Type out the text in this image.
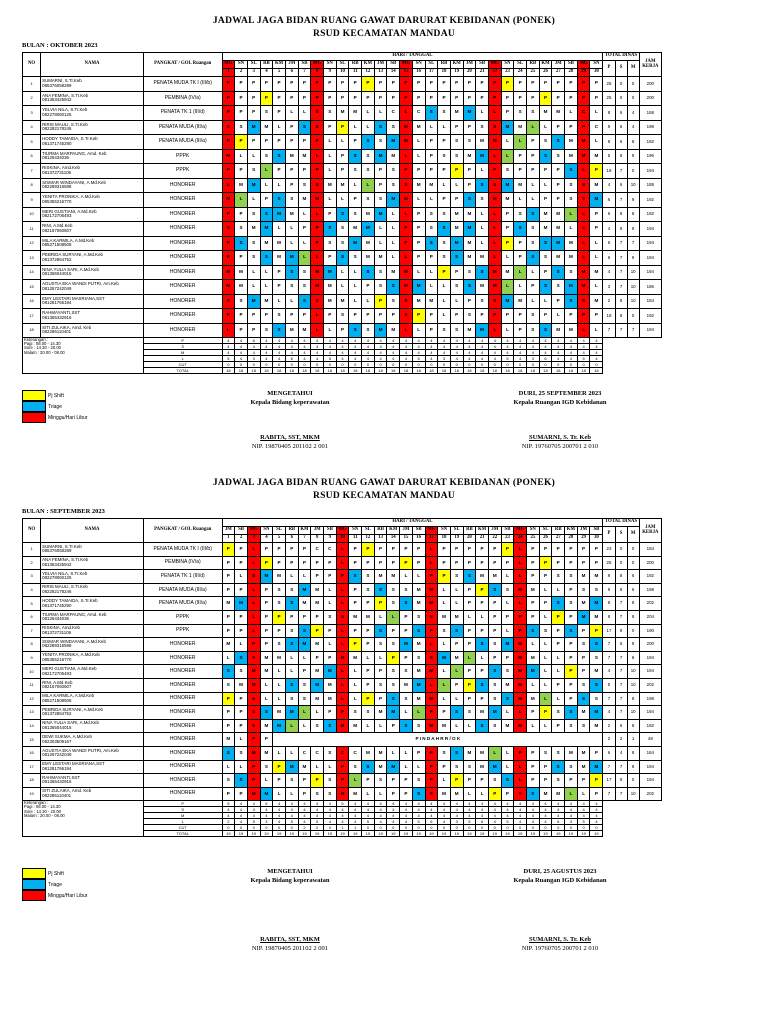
JADWAL JAGA BIDAN RUANG GAWAT DARURAT KEBIDANAN (PONEK)
RSUD KECAMATAN MANDAU
BULAN : OKTOBER 2023
NO	NAMA	PANGKAT / GOL Ruangan	HARI / TANGGAL																														TOTAL DINAS			JAM KERJA
			MG	SN	SL	RB	KM	JM	SB	MG	SN	SL	RB	KM	JM	SB	MG	SN	SL	RB	KM	JM	SB	MG	SN	SL	RB	KM	JM	SB	MG	SN	P	S	M	
			1	2	3	4	5	6	7	8	9	10	11	12	13	14	15	16	17	18	19	20	21	22	23	24	25	26	27	28	29	30				
1	SUMARNI, S.Tr.Keb
085376058289	PENATA MUDA TK I (III/b)	P	P	P	P	P	P	P	P	P	P	P	P	P	P	P	P	P	P	P	P	P	P	P	P	P	P	P	P	P	P	25	0	0	200
2	ANA FEMINA, S.Tr.Keb
081363425942	PEMBINA (IV/a)	P	P	P	P	P	P	P	P	P	P	P	P	P	P	P	P	P	P	P	P	P	P	P	P	P	P	P	P	P	P	25	0	0	200
3	YELVIA NILA, S.Tr.Keb
082278060125	PENATA TK 1 (III/d)	P	P	P	S	P	L	L	S	S	M	M	L	L	C	L	C	S	S	M	M	L	L	P	S	S	M	M	L	C	L	8	6	4	168
4	RIRIS MAULI, S.Tr.Keb
082282178246	PENATA MUDA (III/a)	S	S	M	M	L	P	S	S	P	P	L	L	S	S	M	M	L	L	P	P	S	S	M	M	L	L	P	P	P	C	9	6	4	198
5	HODDY TAMAIDA, S.Tr.Keb
081371745290	PENATA MUDA (III/a)	P	P	P	P	P	P	P	P	L	L	P	S	S	M	M	L	P	P	S	S	M	M	L	L	P	S	S	M	M	L	8	6	8	192
6	TIURMA MARPAUNG, Amd. Keb
08126434036	PPPK	M	L	L	S	S	M	M	L	L	P	S	S	M	M	L	L	P	S	S	M	M	L	L	P	P	S	S	M	M	M	5	8	9	196
7	RISKINA, Amd.Keb
081372731106	PPPK	P	P	S	L	P	P	P	P	L	P	S	S	P	S	P	P	P	P	P	P	L	P	S	P	P	P	P	S	L	P	19	7	0	194
8	SISMAR WINDAYANI, A.Md.Keb
082289316598	HONORER	L	M	M	L	L	P	S	S	M	M	L	L	P	S	S	M	M	L	L	P	S	S	M	M	L	L	P	S	S	M	4	6	10	188
9	YENITA PRONIKA, A.Md.Keb
085355216770	HONORER	M	L	L	P	S	S	M	M	L	L	P	S	S	M	M	L	L	P	P	S	S	M	M	L	L	P	P	S	S	M	6	7	9	192
10	MERI GUSTIANI, A.Md.Keb
082172706493	HONORER	P	P	S	S	M	M	L	L	P	S	S	M	M	L	L	P	S	S	M	M	L	L	P	S	S	M	M	L	L	P	6	8	8	192
11	RINI, A.Md.Keb
082167060607	HONORER	S	S	M	M	L	L	P	P	S	S	M	M	L	L	P	P	S	S	M	M	L	L	P	S	S	M	M	L	L	P	4	9	9	194
12	MILA KARMILA, A.Md.Keb
085271508508	HONORER	P	S	S	M	M	L	L	P	S	S	M	M	L	L	P	P	S	S	M	M	L	L	P	P	S	S	M	M	L	L	6	7	7	194
13	PEBRIDA SURYANI, A.Md.Keb
081372864752	HONORER	P	P	S	S	M	M	L	L	P	S	S	M	M	L	L	P	P	S	S	M	M	L	L	P	S	S	M	M	L	L	6	7	9	194
14	NINA YULIA SARI, A.Md.Keb
081365044015	HONORER	M	M	L	L	P	S	S	M	M	L	L	S	S	M	M	L	L	P	P	S	S	M	M	L	L	P	S	S	M	M	4	7	10	194
15	AGUSTIA EKA WANDI PUTRI, Am.Keb
081267242049	HONORER	M	M	L	L	P	S	S	M	M	L	L	P	S	S	M	M	L	L	S	S	M	M	L	L	P	S	S	M	M	L	3	7	10	186
16	EMY LESTARI MASRIANA,SST
081281766194	HONORER	S	S	M	M	L	L	S	S	M	M	L	L	P	S	S	M	M	L	L	P	S	S	M	M	L	L	P	S	S	M	2	8	10	184
17	RAHMAYANTI,SST
081365432916	HONORER	P	P	P	P	S	P	P	L	P	S	P	P	P	P	S	P	P	L	P	S	P	P	P	P	S	P	L	P	P	P	18	8	0	192
18	SITI ZULAIKA, Amd. Keb
082286110401	HONORER	L	P	P	S	S	M	M	L	L	P	S	S	M	M	L	L	P	S	S	M	M	L	L	P	S	S	M	M	L	L	7	7	7	194

Keterangan :
Pagi : 08.00 - 14.30
Sore : 14.30 - 20.00
Malam : 20.00 - 08.00		P	4	4	6	4	4	4	4	4	4	4	4	4	4	4	4	4	4	4	4	4	4	4	4	4	4	4	4	4	4	4				
		S	4	4	4	4	4	4	4	4	4	4	4	4	4	4	4	4	4	4	4	4	4	4	4	4	4	4	4	4	4	4				
		M	4	4	4	4	4	4	4	4	4	4	4	4	4	4	4	4	4	4	4	4	4	4	4	4	4	4	4	4	4	4				
		L	5	4	3	4	4	6	4	4	5	4	4	4	4	4	4	5	4	3	4	4	4	4	5	4	3	6	4	4	5	4				
		CUT	0	0	0	0	0	0	0	0	0	0	0	0	0	0	0	0	0	0	0	0	0	0	0	0	0	0	0	0	0	0				
		TOTAL	18	18	18	18	18	18	18	18	18	18	18	18	18	18	18	18	18	18	18	18	18	18	18	18	18	18	18	18	18	18				
Pj Shift
Triage
Minggu/Hari Libur
MENGETAHUI
Kepala Bidang keperawatan
RABITA, SST, MKM
NIP. 19870405 201102 2 001
DURI, 25 SEPTEMBER 2023
Kepala Ruangan IGD Kebidanan
SUMARNI, S. Tr. Keb
NIP. 19760705 200701 2 010
JADWAL JAGA BIDAN RUANG GAWAT DARURAT KEBIDANAN (PONEK)
RSUD KECAMATAN MANDAU
BULAN : SEPTEMBER 2023
NO	NAMA	PANGKAT / GOL Ruangan	HARI / TANGGAL																														TOTAL DINAS			JAM KERJA
			JM	SB	MG	SN	SL	RB	KM	JM	SB	MG	SN	SL	RB	KM	JM	SB	MG	SN	SL	RB	KM	JM	SB	MG	SN	SL	RB	KM	JM	SB	P	S	M	
			1	2	3	4	5	6	7	8	9	10	11	12	13	14	15	16	17	18	19	20	21	22	23	24	25	26	27	28	29	30				
1	SUMARNI, S.Tr.Keb
085376058289	PENATA MUDA TK I (III/b)	P	P	L	P	P	P	P	C	C	L	P	P	P	P	P	P	L	P	P	P	P	P	P	L	P	P	P	P	P	P	23	0	0	184
2	ANA FEMINA, S.Tr.Keb
081363425942	PEMBINA (IV/a)	P	P	L	P	P	P	P	P	P	L	P	P	P	P	P	P	L	P	P	P	P	P	P	L	P	P	P	P	P	P	25	0	0	200
3	YELVIA NILA, S.Tr.Keb
082278060125	PENATA TK 1 (III/d)	P	L	S	M	M	L	L	P	P	P	S	S	M	M	L	L	P	P	S	S	M	M	L	L	P	P	S	S	M	M	9	8	6	192
4	RIRIS MAULI, S.Tr.Keb
082282178246	PENATA MUDA (III/a)	P	P	L	P	S	S	M	M	L	L	P	S	S	S	S	M	M	L	L	P	P	S	S	M	M	L	L	P	S	S	9	8	6	198
5	HODDY TAMAIDA, S.Tr.Keb
081371745290	PENATA MUDA (III/a)	M	M	L	P	S	S	M	M	L	L	P	P	P	S	S	M	M	L	L	P	P	P	L	L	P	P	S	S	M	M	8	7	8	202
6	TIURMA MARPAUNG, Amd. Keb
08126434036	PPPK	P	P	L	P	P	P	P	P	S	S	M	M	L	L	P	S	S	M	M	L	L	P	P	P	P	L	P	P	M	M	8	7	9	204
7	RISKINA, Amd.Keb
081372731106	PPPK	P	P	L	P	P	S	S	P	P	L	P	P	S	P	P	S	P	S	S	P	P	P	L	P	S	S	P	S	P	P	17	9	0	190
8	SISMAR WINDAYANI, A.Md.Keb
082289316598	HONORER	M	L	P	P	S	S	M	M	L	L	P	P	S	S	M	M	L	L	P	P	S	S	M	M	L	L	P	P	S	S	7	6	9	200
9	YENITA PRONIKA, A.Md.Keb
085355216770	HONORER	L	S	S	M	M	L	L	P	P	M	M	L	L	P	P	S	S	M	M	L	L	P	P	M	M	L	L	P	P	S	7	7	8	194
10	MERI GUSTIANI, A.Md.Keb
082172706493	HONORER	S	S	M	M	L	L	P	M	M	L	L	P	P	S	S	M	M	L	L	P	P	S	S	M	M	L	L	P	P	M	4	7	10	194
11	RINI, A.Md.Keb
082167060607	HONORER	S	M	M	L	L	S	S	M	M	L	L	P	S	S	M	M	L	L	P	P	S	S	M	M	L	L	P	P	S	S	5	7	10	202
12	MILA KARMILA, A.Md.Keb
085271508508	HONORER	P	P	S	L	L	S	S	M	M	L	L	P	P	S	S	M	M	L	L	P	P	S	S	M	M	L	L	P	S	S	7	7	8	198
13	PEBRIDA SURYANI, A.Md.Keb
081372864752	HONORER	P	P	S	S	M	M	L	L	P	P	S	S	M	M	L	L	P	P	S	S	M	M	L	L	P	P	S	S	M	M	4	7	10	194
14	NINA YULIA SARI, A.Md.Keb
081365044015	HONORER	P	P	S	M	M	L	L	S	S	M	M	L	L	P	S	S	M	M	L	L	S	S	M	M	L	L	P	S	S	M	2	6	8	192
15	DEWI SUKMA, A.Md.Keb
082303509167	HONORER	M	L	P	P	P I N D A H R R / O K																										2	2	1	48
16	AGUSTIA EKA WANDI PUTRI, Am.Keb
081267242049	HONORER	S	S	M	M	L	L	C	C	S	C	C	M	M	L	L	P	P	S	S	M	M	L	L	P	P	S	S	M	M	P	6	4	8	164
17	EMY LESTARI MASRIANA,SST
081281766194	HONORER	L	L	P	S	P	M	M	L	L	P	S	S	M	M	L	L	P	P	S	S	M	M	L	L	P	P	S	S	M	M	7	7	8	194
18	RAHMAYANTI,SST
081365432916	HONORER	S	S	P	L	P	S	P	P	S	P	L	P	S	P	P	S	P	L	P	P	P	S	S	L	P	P	S	P	P	P	17	9	0	194
19	SITI ZULAIKA, Amd. Keb
082286110401	HONORER	P	P	M	M	L	L	P	S	S	M	M	L	L	P	P	S	S	M	M	L	L	P	P	S	S	M	M	L	L	P	7	7	10	202

Keterangan :
Pagi : 08.00 - 14.30
Sore : 14.30 - 20.00
Malam : 20.00 - 08.00		P	5	4	4	6	4	4	4	4	4	5	4	4	4	4	4	4	4	4	4	4	4	4	4	4	4	4	4	4	4	4				
		S	4	4	4	4	4	4	4	4	4	4	4	4	4	4	4	4	4	4	4	4	4	4	4	4	4	4	4	4	4	4				
		M	4	4	4	4	4	4	4	4	4	4	4	4	4	4	4	4	4	4	4	4	4	4	4	4	4	4	4	4	4	4				
		L	2	4	5	3	4	5	4	5	4	4	4	5	4	4	4	5	6	4	3	5	6	4	5	4	4	4	6	3	5	4				
		CUT	0	0	0	0	0	0	2	2	0	1	1	0	0	0	0	0	0	0	0	0	0	0	0	0	0	0	0	0	0	0				
		TOTAL	19	19	19	19	19	19	19	19	19	19	19	19	19	19	19	19	19	19	19	19	19	19	19	19	19	19	19	19	19	19				
Pj Shift
Triage
Minggu/Hari Libur
MENGETAHUI
Kepala Bidang keperawatan
RABITA, SST, MKM
NIP. 19870405 201102 2 001
DURI, 25 AGUSTUS 2023
Kepala Ruangan IGD Kebidanan
SUMARNI, S. Tr. Keb
NIP. 19760705 200701 2 010
